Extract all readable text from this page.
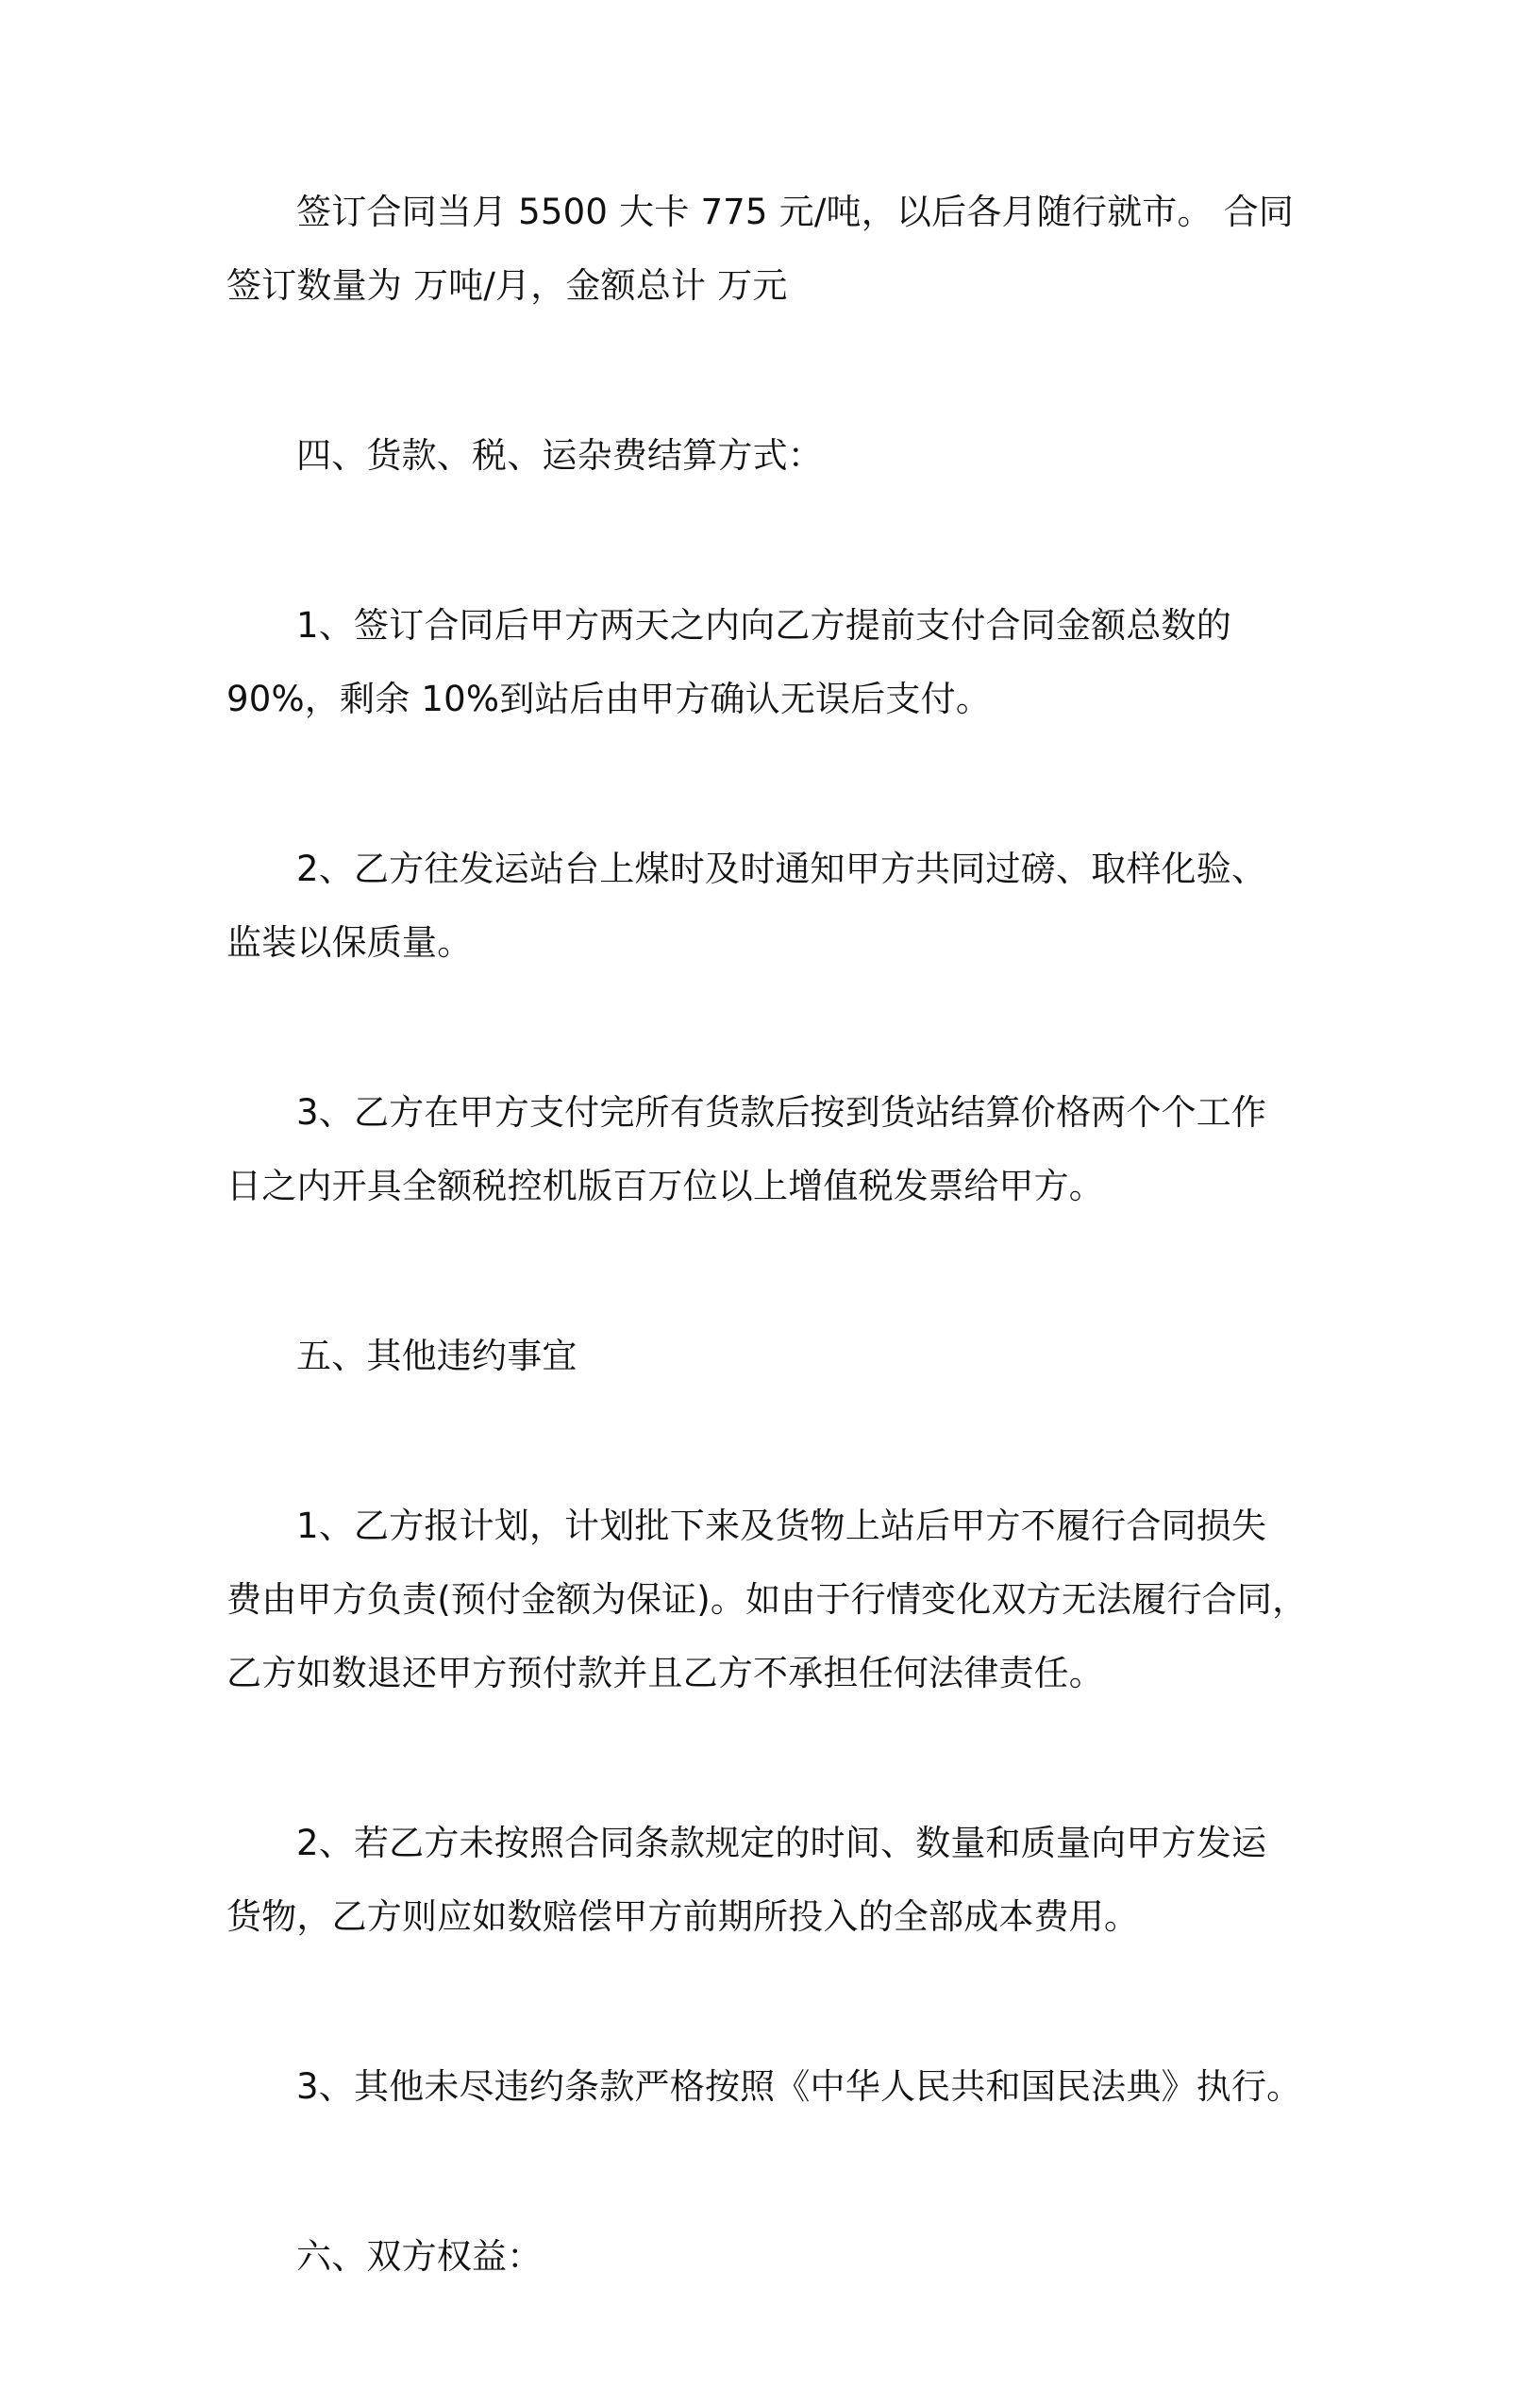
签订合同当月 5500 大卡 775 元/吨，以后各月随行就市。 合同
签订数量为 万吨/月，金额总计 万元

四、货款、税、运杂费结算方式：

1、签订合同后甲方两天之内向乙方提前支付合同金额总数的
90%，剩余 10%到站后由甲方确认无误后支付。

2、乙方往发运站台上煤时及时通知甲方共同过磅、取样化验、
监装以保质量。

3、乙方在甲方支付完所有货款后按到货站结算价格两个个工作
日之内开具全额税控机版百万位以上增值税发票给甲方。

五、其他违约事宜

1、乙方报计划，计划批下来及货物上站后甲方不履行合同损失
费由甲方负责(预付金额为保证)。如由于行情变化双方无法履行合同，
乙方如数退还甲方预付款并且乙方不承担任何法律责任。

2、若乙方未按照合同条款规定的时间、数量和质量向甲方发运
货物，乙方则应如数赔偿甲方前期所投入的全部成本费用。

3、其他未尽违约条款严格按照《中华人民共和国民法典》执行。

六、双方权益：
